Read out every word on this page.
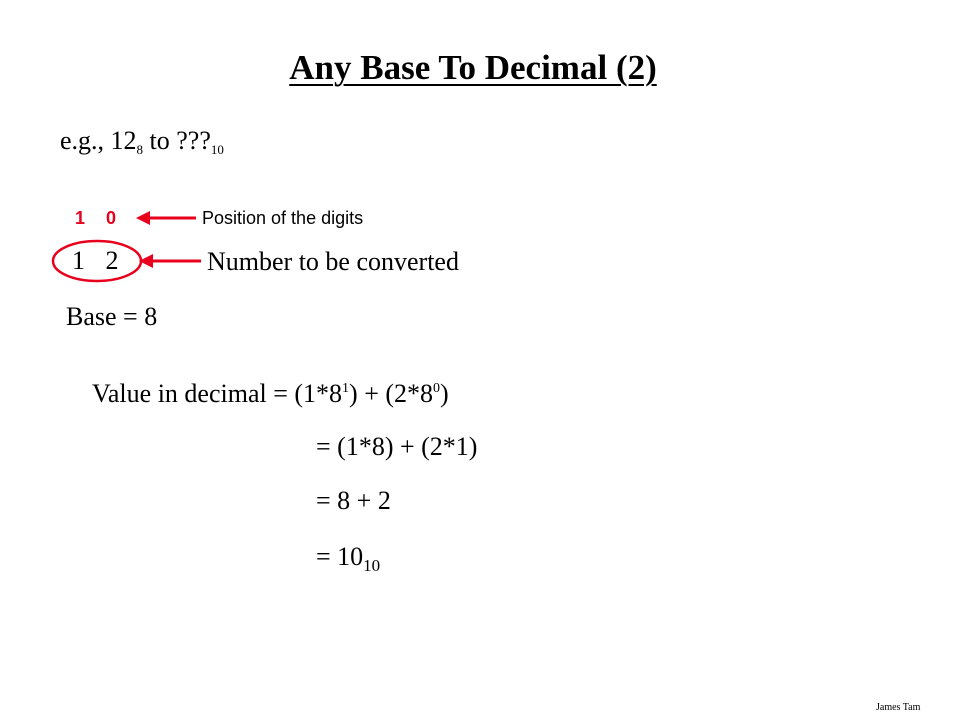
Any Base To Decimal (2)
e.g., $12_8$ to $???_{10}$
1 0	Position of the digits
1 2	Number to be converted
Base = 8
Value in decimal = $(1*8^1) + (2*8^0)$
= (1*8) + (2*1)
= 8 + 2
= $10_{10}$
James Tam
